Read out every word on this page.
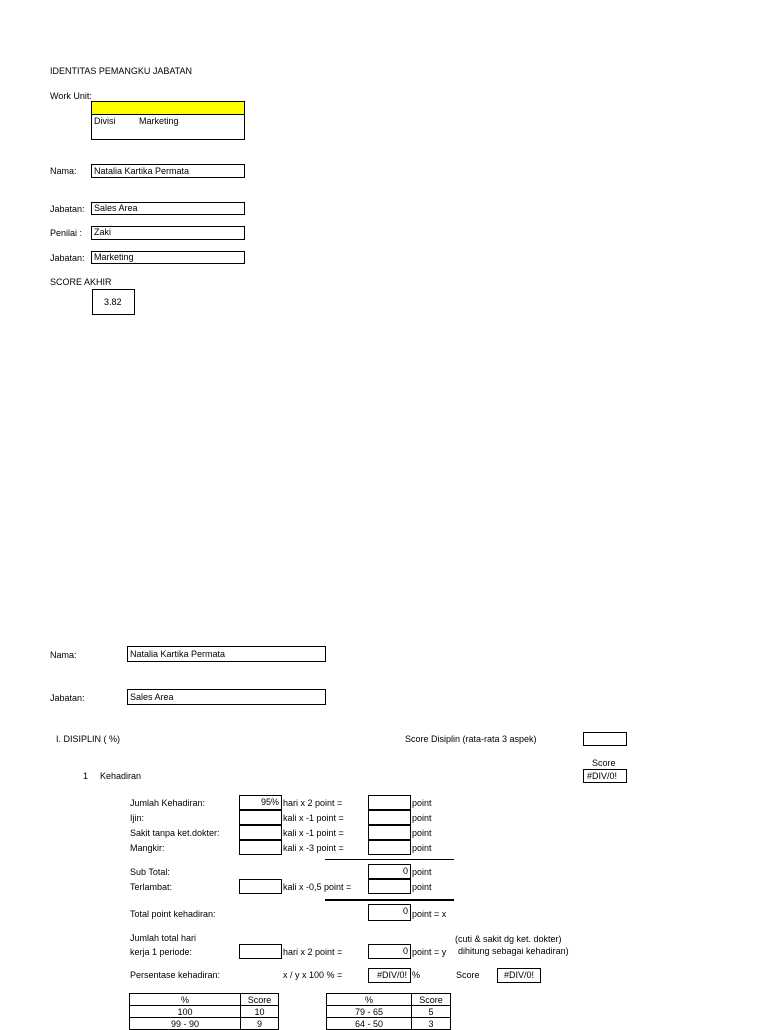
IDENTITAS PEMANGKU JABATAN
Work Unit:
Divisi	Marketing
Nama: Natalia Kartika Permata
Jabatan: Sales Area
Penilai : Zaki
Jabatan: Marketing
SCORE AKHIR
3.82
Nama:	Natalia Kartika Permata
Jabatan:	Sales Area
I. DISIPLIN ( %)	Score Disiplin (rata-rata 3 aspek)
Score
1 Kehadiran	#DIV/0!
Jumlah Kehadiran:	95% hari x 2 point =	point
Ijin:	kali x -1 point =	point
Sakit tanpa ket.dokter:	kali x -1 point =	point
Mangkir:	kali x -3 point =	point
Sub Total:	0 point
Terlambat:	kali x -0,5 point =	point
Total point kehadiran:	0 point = x
Jumlah total hari
kerja 1 periode:	hari x 2 point =	0 point = y
(cuti & sakit dg ket. dokter)
dihitung sebagai kehadiran)
Persentase kehadiran:	x / y x 100 % =	#DIV/0! %	Score	#DIV/0!
%	Score
100	10
99 - 90	9
%	Score
79 - 65	5
64 - 50	3
